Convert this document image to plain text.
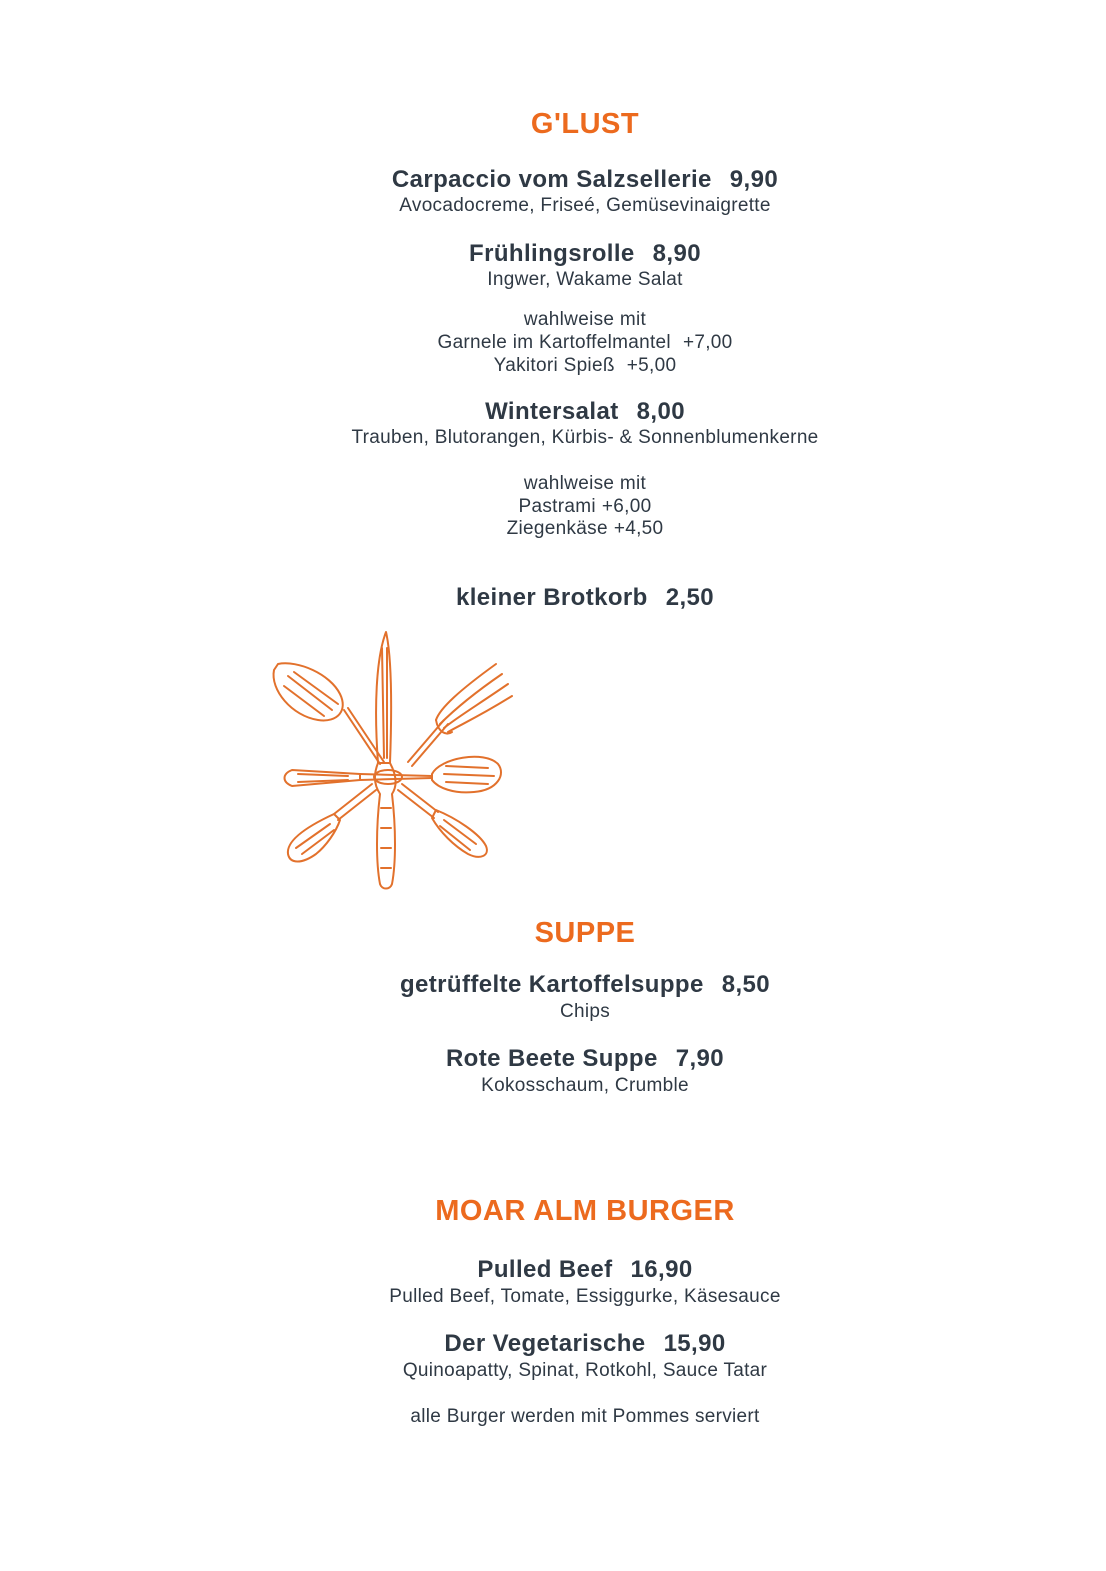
G'LUST
Carpaccio vom Salzsellerie 9,90
Avocadocreme, Friseé, Gemüsevinaigrette
Frühlingsrolle 8,90
Ingwer, Wakame Salat
wahlweise mit
Garnele im Kartoffelmantel +7,00
Yakitori Spieß +5,00
Wintersalat 8,00
Trauben, Blutorangen, Kürbis- & Sonnenblumenkerne
wahlweise mit
Pastrami +6,00
Ziegenkäse +4,50
kleiner Brotkorb 2,50
SUPPE
getrüffelte Kartoffelsuppe 8,50
Chips
Rote Beete Suppe 7,90
Kokosschaum, Crumble
MOAR ALM BURGER
Pulled Beef 16,90
Pulled Beef, Tomate, Essiggurke, Käsesauce
Der Vegetarische 15,90
Quinoapatty, Spinat, Rotkohl, Sauce Tatar
alle Burger werden mit Pommes serviert
